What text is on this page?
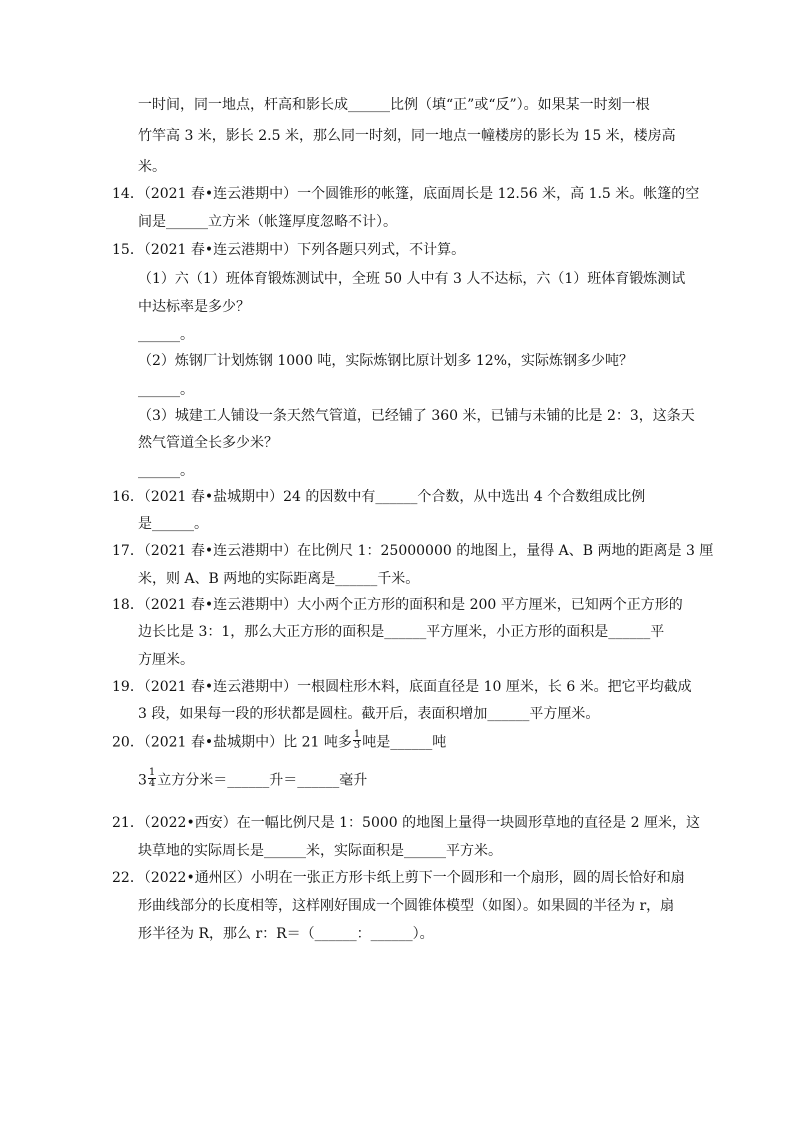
一时间，同一地点，杆高和影长成______比例（填“正”或“反”）。如果某一时刻一根
竹竿高 3 米，影长 2.5 米，那么同一时刻，同一地点一幢楼房的影长为 15 米，楼房高
米。
14．（2021 春•连云港期中）一个圆锥形的帐篷，底面周长是 12.56 米，高 1.5 米。帐篷的空
间是______立方米（帐篷厚度忽略不计）。
15．（2021 春•连云港期中）下列各题只列式，不计算。
（1）六（1）班体育锻炼测试中，全班 50 人中有 3 人不达标，六（1）班体育锻炼测试
中达标率是多少？
______。
（2）炼钢厂计划炼钢 1000 吨，实际炼钢比原计划多 12%，实际炼钢多少吨？
______。
（3）城建工人铺设一条天然气管道，已经铺了 360 米，已铺与未铺的比是 2：3，这条天
然气管道全长多少米？
______。
16．（2021 春•盐城期中）24 的因数中有______个合数，从中选出 4 个合数组成比例
是______。
17．（2021 春•连云港期中）在比例尺 1：25000000 的地图上，量得 A、B 两地的距离是 3 厘
米，则 A、B 两地的实际距离是______千米。
18．（2021 春•连云港期中）大小两个正方形的面积和是 200 平方厘米，已知两个正方形的
边长比是 3：1，那么大正方形的面积是______平方厘米，小正方形的面积是______平
方厘米。
19．（2021 春•连云港期中）一根圆柱形木料，底面直径是 10 厘米，长 6 米。把它平均截成
3 段，如果每一段的形状都是圆柱。截开后，表面积增加______平方厘米。
21．（2022•西安）在一幅比例尺是 1：5000 的地图上量得一块圆形草地的直径是 2 厘米，这
块草地的实际周长是______米，实际面积是______平方米。
22．（2022•通州区）小明在一张正方形卡纸上剪下一个圆形和一个扇形，圆的周长恰好和扇
形曲线部分的长度相等，这样刚好围成一个圆锥体模型（如图）。如果圆的半径为 r，扇
形半径为 R，那么 r：R＝（______：______）。
20．（2021 春•盐城期中）比 21 吨多 $\frac{1}{3}$ 吨是______吨
$3 \frac{1}{4}$ 立方分米＝______升＝______毫升
